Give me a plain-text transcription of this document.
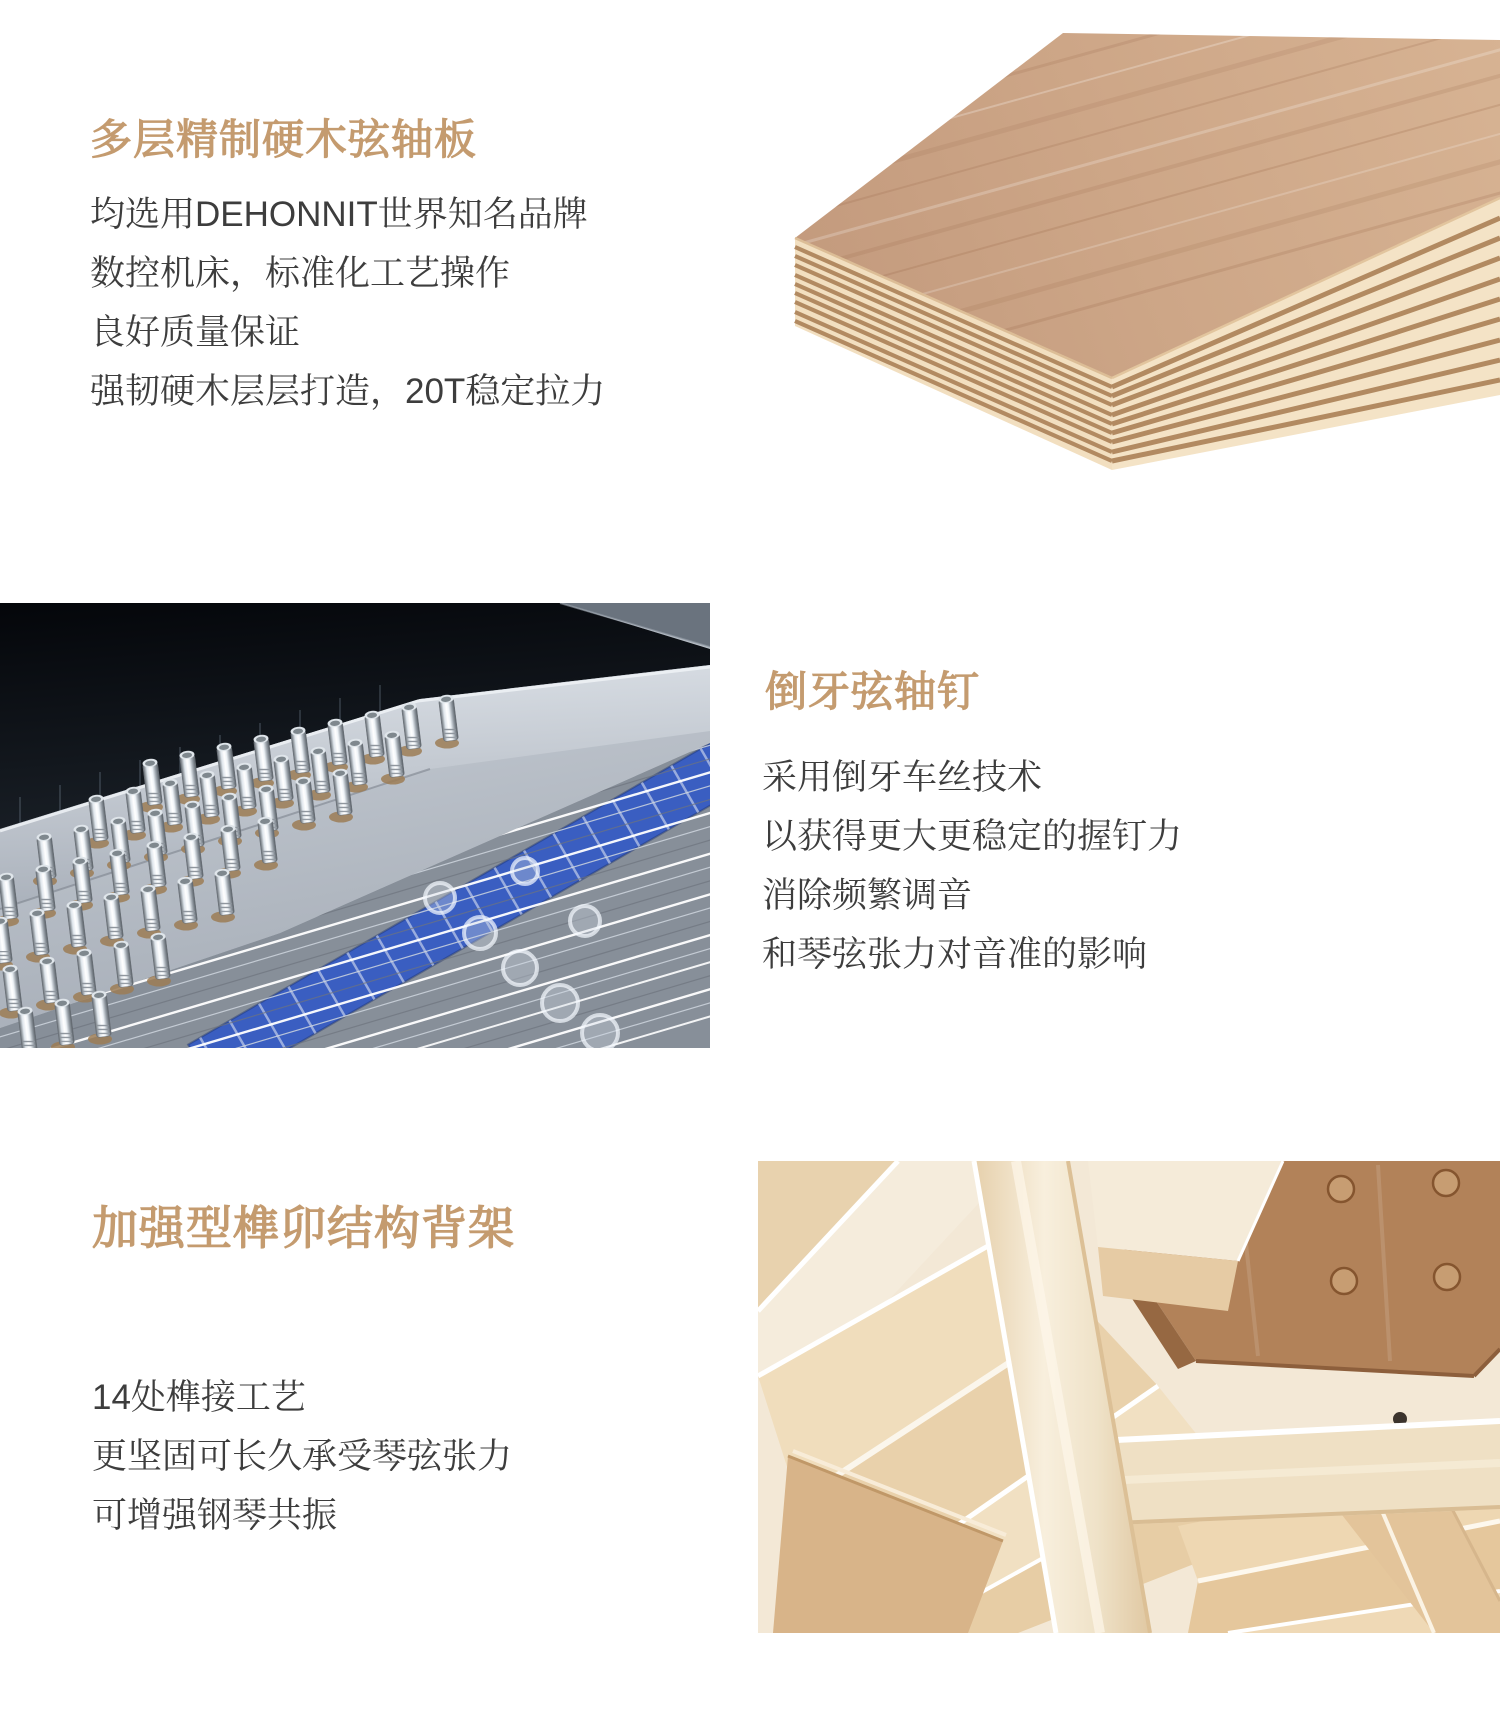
多层精制硬木弦轴板
均选用DEHONNIT世界知名品牌
数控机床，标准化工艺操作
良好质量保证
强韧硬木层层打造，20T稳定拉力
倒牙弦轴钉
采用倒牙车丝技术
以获得更大更稳定的握钉力
消除频繁调音
和琴弦张力对音准的影响
加强型榫卯结构背架
14处榫接工艺
更坚固可长久承受琴弦张力
可增强钢琴共振
